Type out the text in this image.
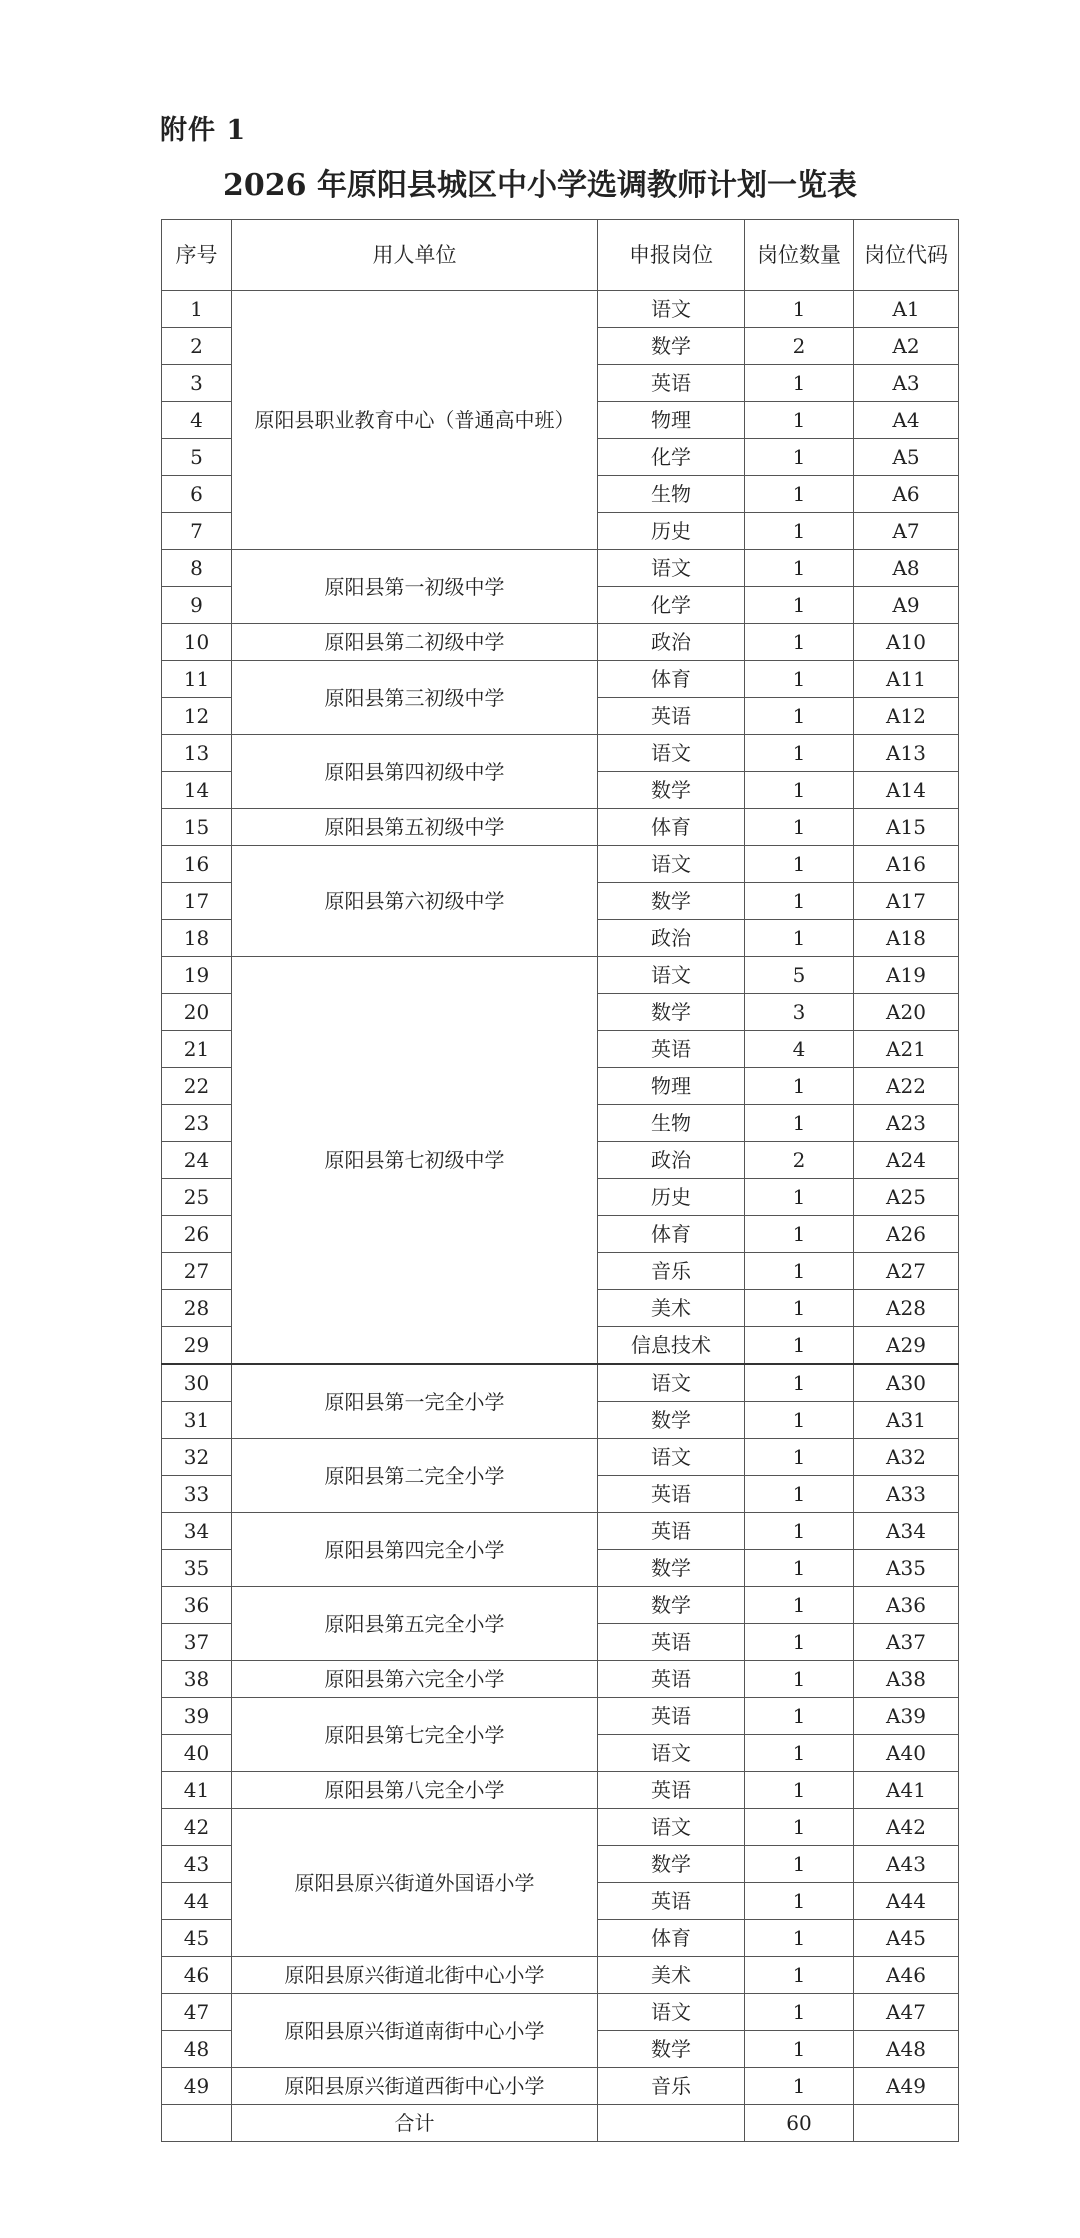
附件 1
2026 年原阳县城区中小学选调教师计划一览表
序号	用人单位	申报岗位	岗位数量	岗位代码
1	原阳县职业教育中心（普通高中班）	语文	1	A1
2		数学	2	A2
3		英语	1	A3
4		物理	1	A4
5		化学	1	A5
6		生物	1	A6
7		历史	1	A7
8	原阳县第一初级中学	语文	1	A8
9		化学	1	A9
10	原阳县第二初级中学	政治	1	A10
11	原阳县第三初级中学	体育	1	A11
12		英语	1	A12
13	原阳县第四初级中学	语文	1	A13
14		数学	1	A14
15	原阳县第五初级中学	体育	1	A15
16	原阳县第六初级中学	语文	1	A16
17		数学	1	A17
18		政治	1	A18
19	原阳县第七初级中学	语文	5	A19
20		数学	3	A20
21		英语	4	A21
22		物理	1	A22
23		生物	1	A23
24		政治	2	A24
25		历史	1	A25
26		体育	1	A26
27		音乐	1	A27
28		美术	1	A28
29		信息技术	1	A29
30	原阳县第一完全小学	语文	1	A30
31		数学	1	A31
32	原阳县第二完全小学	语文	1	A32
33		英语	1	A33
34	原阳县第四完全小学	英语	1	A34
35		数学	1	A35
36	原阳县第五完全小学	数学	1	A36
37		英语	1	A37
38	原阳县第六完全小学	英语	1	A38
39	原阳县第七完全小学	英语	1	A39
40		语文	1	A40
41	原阳县第八完全小学	英语	1	A41
42	原阳县原兴街道外国语小学	语文	1	A42
43		数学	1	A43
44		英语	1	A44
45		体育	1	A45
46	原阳县原兴街道北街中心小学	美术	1	A46
47	原阳县原兴街道南街中心小学	语文	1	A47
48		数学	1	A48
49	原阳县原兴街道西街中心小学	音乐	1	A49
	合计		60	
